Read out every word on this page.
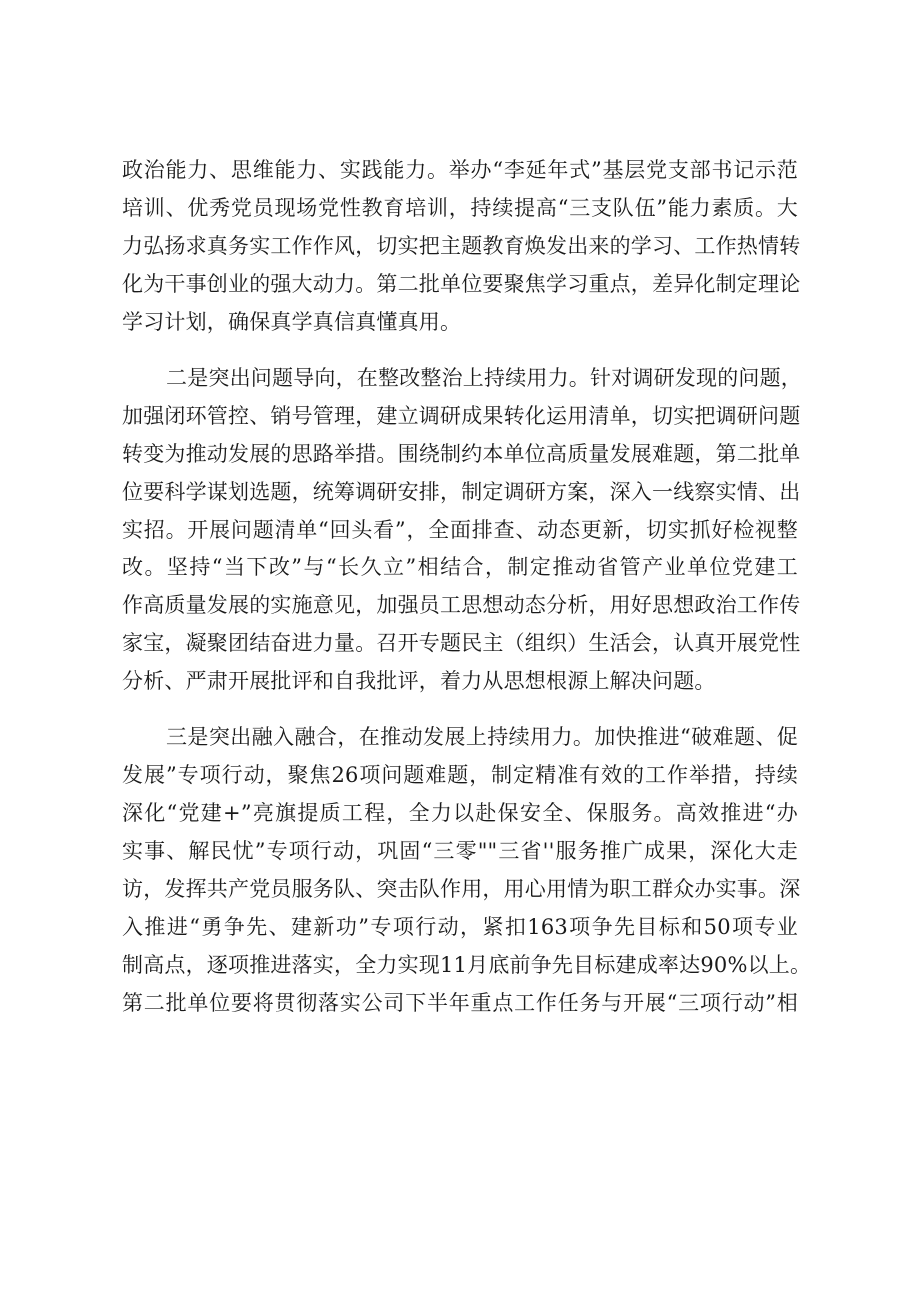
政治能力、思维能力、实践能力。举办“李延年式”基层党支部书记示范
培训、优秀党员现场党性教育培训，持续提高“三支队伍”能力素质。大
力弘扬求真务实工作作风，切实把主题教育焕发出来的学习、工作热情转
化为干事创业的强大动力。第二批单位要聚焦学习重点，差异化制定理论
学习计划，确保真学真信真懂真用。
二是突出问题导向，在整改整治上持续用力。针对调研发现的问题，
加强闭环管控、销号管理，建立调研成果转化运用清单，切实把调研问题
转变为推动发展的思路举措。围绕制约本单位高质量发展难题，第二批单
位要科学谋划选题，统筹调研安排，制定调研方案，深入一线察实情、出
实招。开展问题清单“回头看”，全面排查、动态更新，切实抓好检视整
改。坚持“当下改”与“长久立”相结合，制定推动省管产业单位党建工
作高质量发展的实施意见，加强员工思想动态分析，用好思想政治工作传
家宝，凝聚团结奋进力量。召开专题民主（组织）生活会，认真开展党性
分析、严肃开展批评和自我批评，着力从思想根源上解决问题。
三是突出融入融合，在推动发展上持续用力。加快推进“破难题、促
发展”专项行动，聚焦26项问题难题，制定精准有效的工作举措，持续
深化“党建+”亮旗提质工程，全力以赴保安全、保服务。高效推进“办
实事、解民忧”专项行动，巩固“三零""三省''服务推广成果，深化大走
访，发挥共产党员服务队、突击队作用，用心用情为职工群众办实事。深
入推进“勇争先、建新功”专项行动，紧扣163项争先目标和50项专业
制高点，逐项推进落实，全力实现11月底前争先目标建成率达90%以上。
第二批单位要将贯彻落实公司下半年重点工作任务与开展“三项行动”相
